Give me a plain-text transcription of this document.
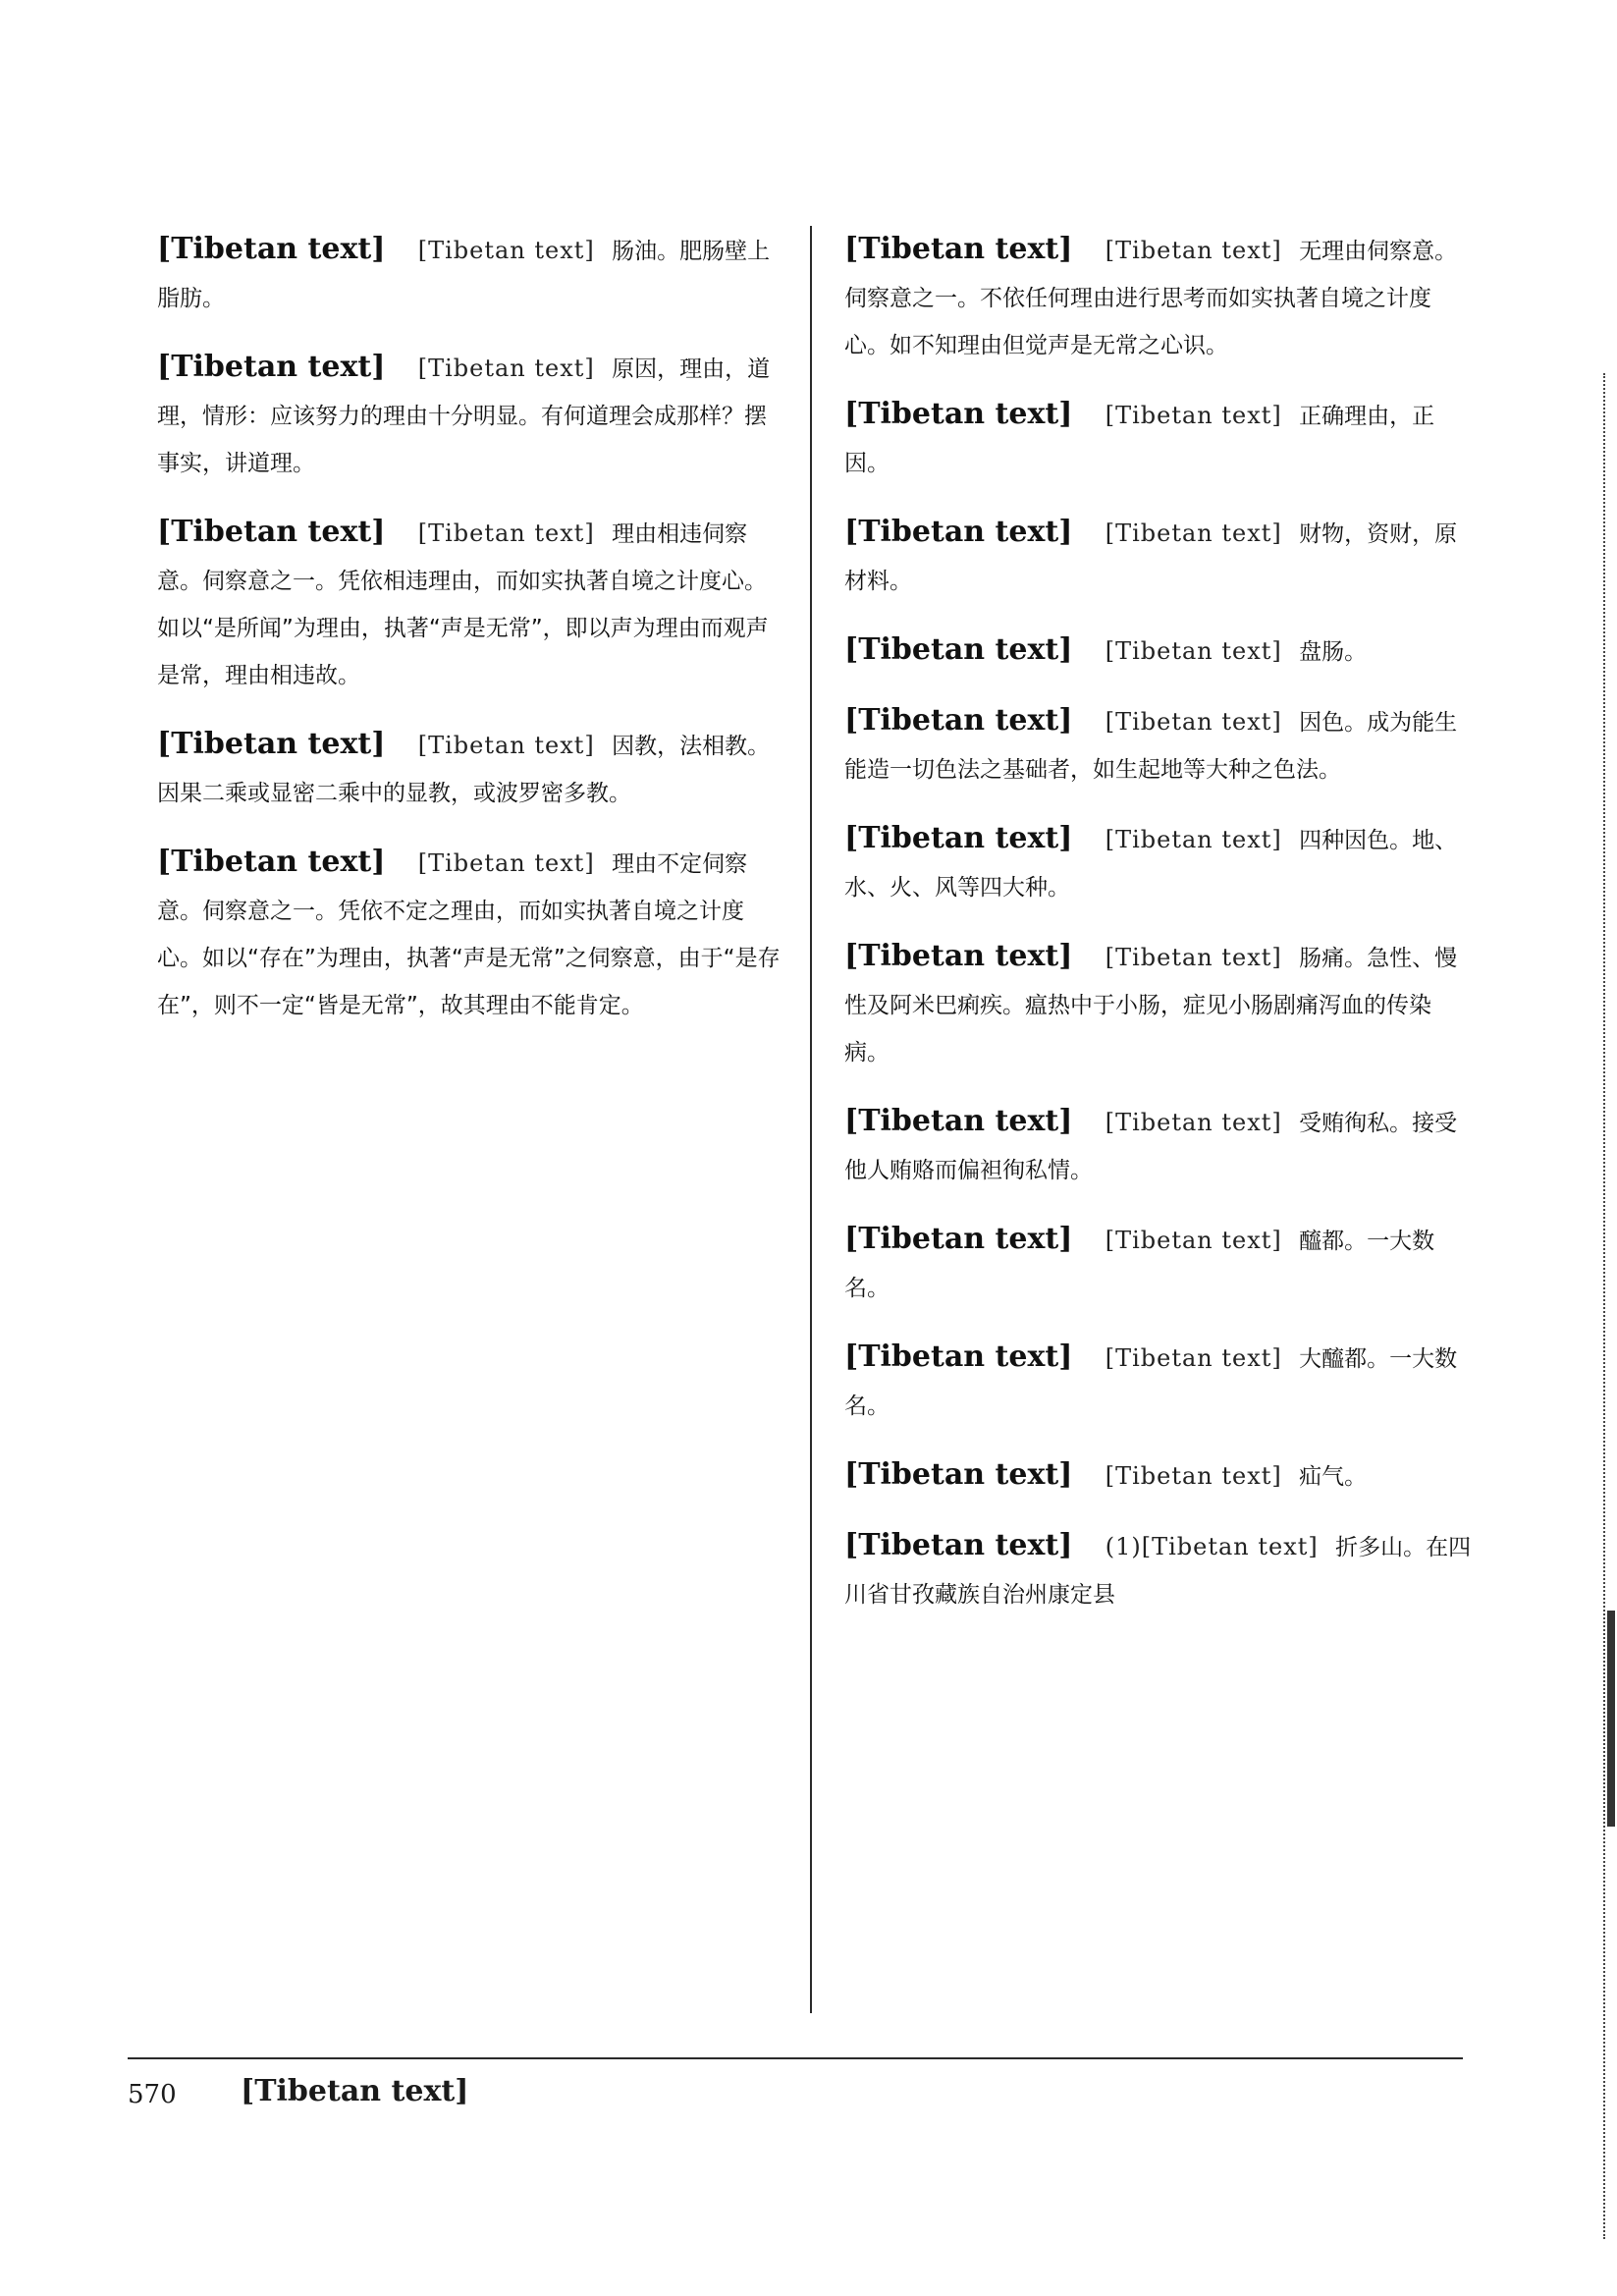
[Tibetan text] [Tibetan text] 肠油。肥肠壁上脂肪。
[Tibetan text] [Tibetan text] 原因，理由，道理，情形：应该努力的理由十分明显。有何道理会成那样？摆事实，讲道理。
[Tibetan text] [Tibetan text] 理由相违伺察意。伺察意之一。凭依相违理由，而如实执著自境之计度心。如以“是所闻”为理由，执著“声是无常”，即以声为理由而观声是常，理由相违故。
[Tibetan text] [Tibetan text] 因教，法相教。因果二乘或显密二乘中的显教，或波罗密多教。
[Tibetan text] [Tibetan text] 理由不定伺察意。伺察意之一。凭依不定之理由，而如实执著自境之计度心。如以“存在”为理由，执著“声是无常”之伺察意，由于“是存在”，则不一定“皆是无常”，故其理由不能肯定。
[Tibetan text] [Tibetan text] 无理由伺察意。伺察意之一。不依任何理由进行思考而如实执著自境之计度心。如不知理由但觉声是无常之心识。
[Tibetan text] [Tibetan text] 正确理由，正因。
[Tibetan text] [Tibetan text] 财物，资财，原材料。
[Tibetan text] [Tibetan text] 盘肠。
[Tibetan text] [Tibetan text] 因色。成为能生能造一切色法之基础者，如生起地等大种之色法。
[Tibetan text] [Tibetan text] 四种因色。地、水、火、风等四大种。
[Tibetan text] [Tibetan text] 肠痛。急性、慢性及阿米巴痢疾。瘟热中于小肠，症见小肠剧痛泻血的传染病。
[Tibetan text] [Tibetan text] 受贿徇私。接受他人贿赂而偏袒徇私情。
[Tibetan text] [Tibetan text] 醯都。一大数名。
[Tibetan text] [Tibetan text] 大醯都。一大数名。
[Tibetan text] [Tibetan text] 疝气。
[Tibetan text] (1)[Tibetan text] 折多山。在四川省甘孜藏族自治州康定县
570 [Tibetan text]
